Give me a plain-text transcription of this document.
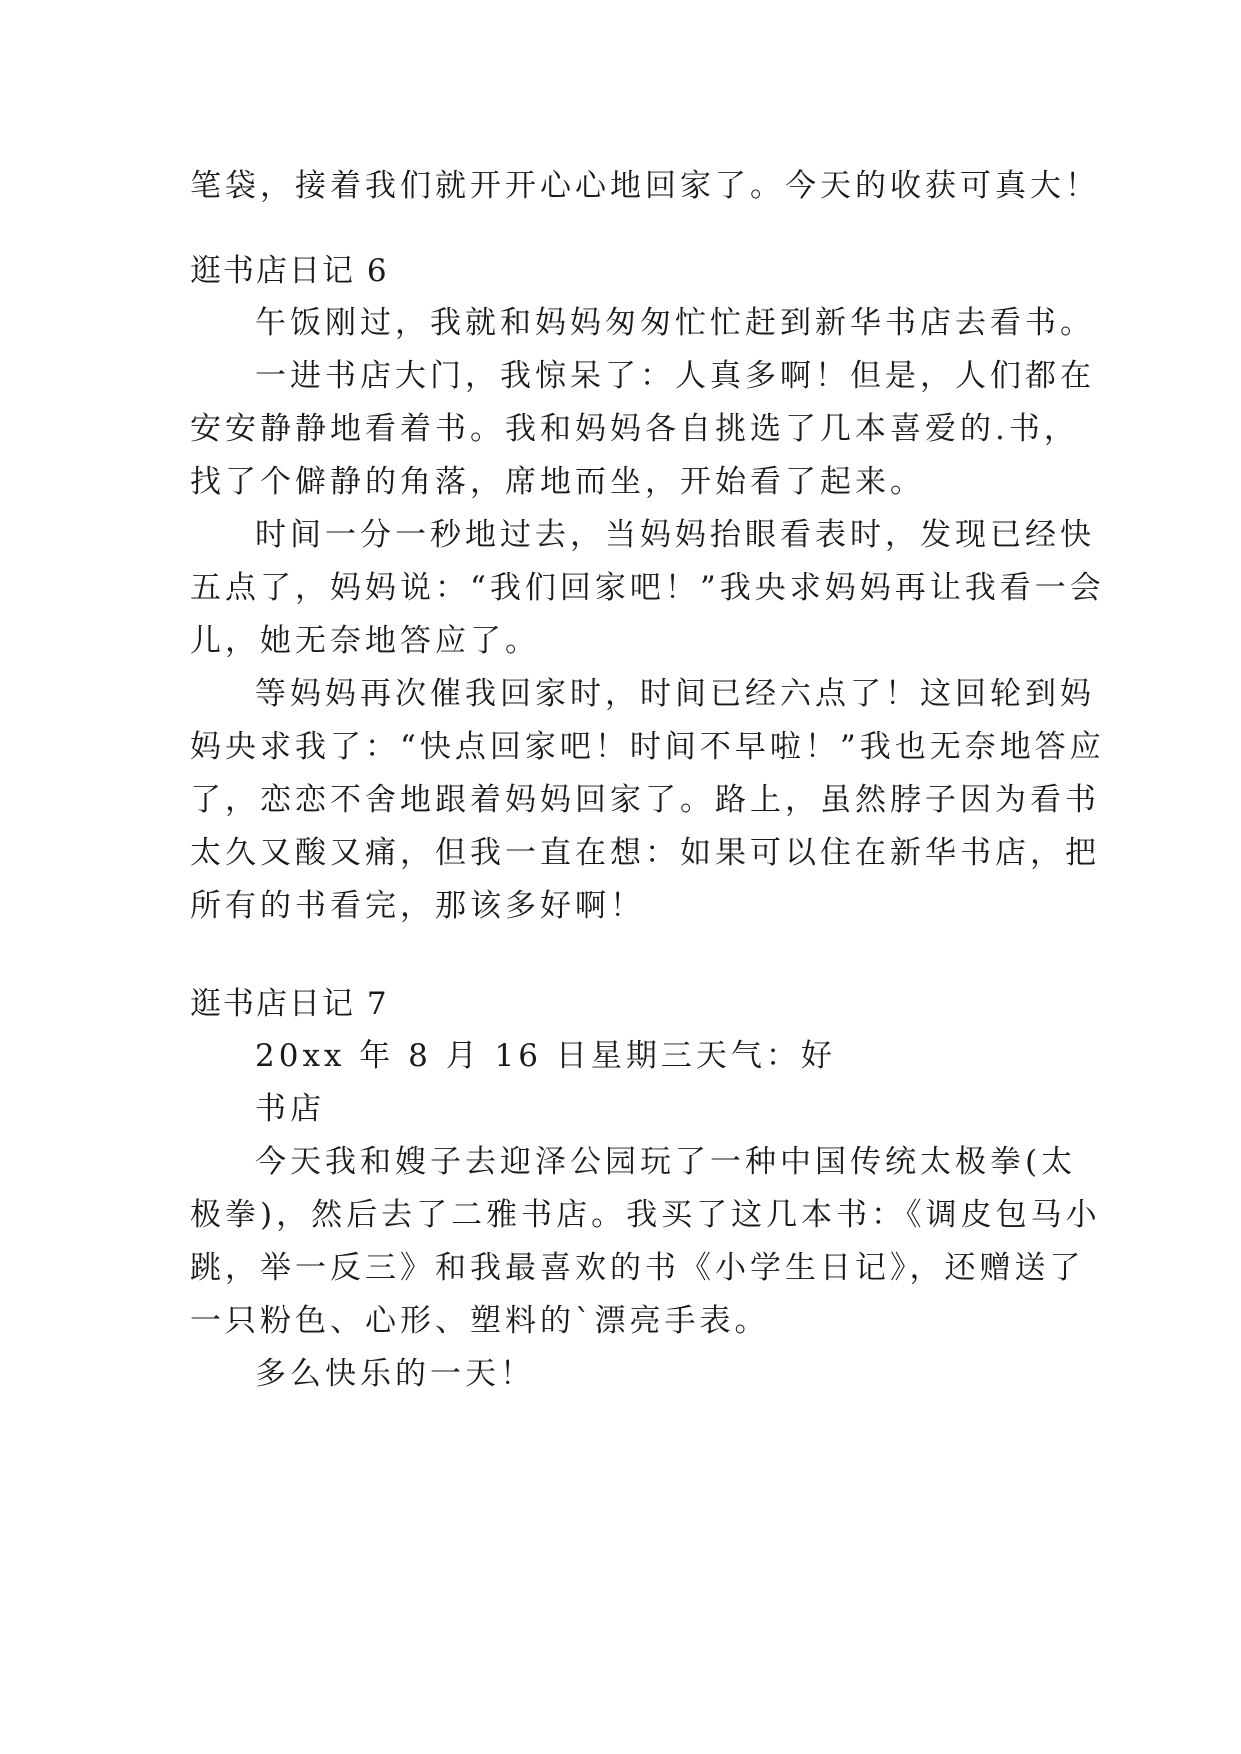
笔袋，接着我们就开开心心地回家了。今天的收获可真大！
逛书店日记 6
午饭刚过，我就和妈妈匆匆忙忙赶到新华书店去看书。
一进书店大门，我惊呆了：人真多啊！但是，人们都在
安安静静地看着书。我和妈妈各自挑选了几本喜爱的.书，
找了个僻静的角落，席地而坐，开始看了起来。
时间一分一秒地过去，当妈妈抬眼看表时，发现已经快
五点了，妈妈说：“我们回家吧！”我央求妈妈再让我看一会
儿，她无奈地答应了。
等妈妈再次催我回家时，时间已经六点了！这回轮到妈
妈央求我了：“快点回家吧！时间不早啦！”我也无奈地答应
了，恋恋不舍地跟着妈妈回家了。路上，虽然脖子因为看书
太久又酸又痛，但我一直在想：如果可以住在新华书店，把
所有的书看完，那该多好啊！
逛书店日记 7
20xx 年 8 月 16 日星期三天气：好
书店
今天我和嫂子去迎泽公园玩了一种中国传统太极拳(太
极拳)，然后去了二雅书店。我买了这几本书：《调皮包马小
跳，举一反三》和我最喜欢的书《小学生日记》，还赠送了
一只粉色、心形、塑料的`漂亮手表。
多么快乐的一天！
